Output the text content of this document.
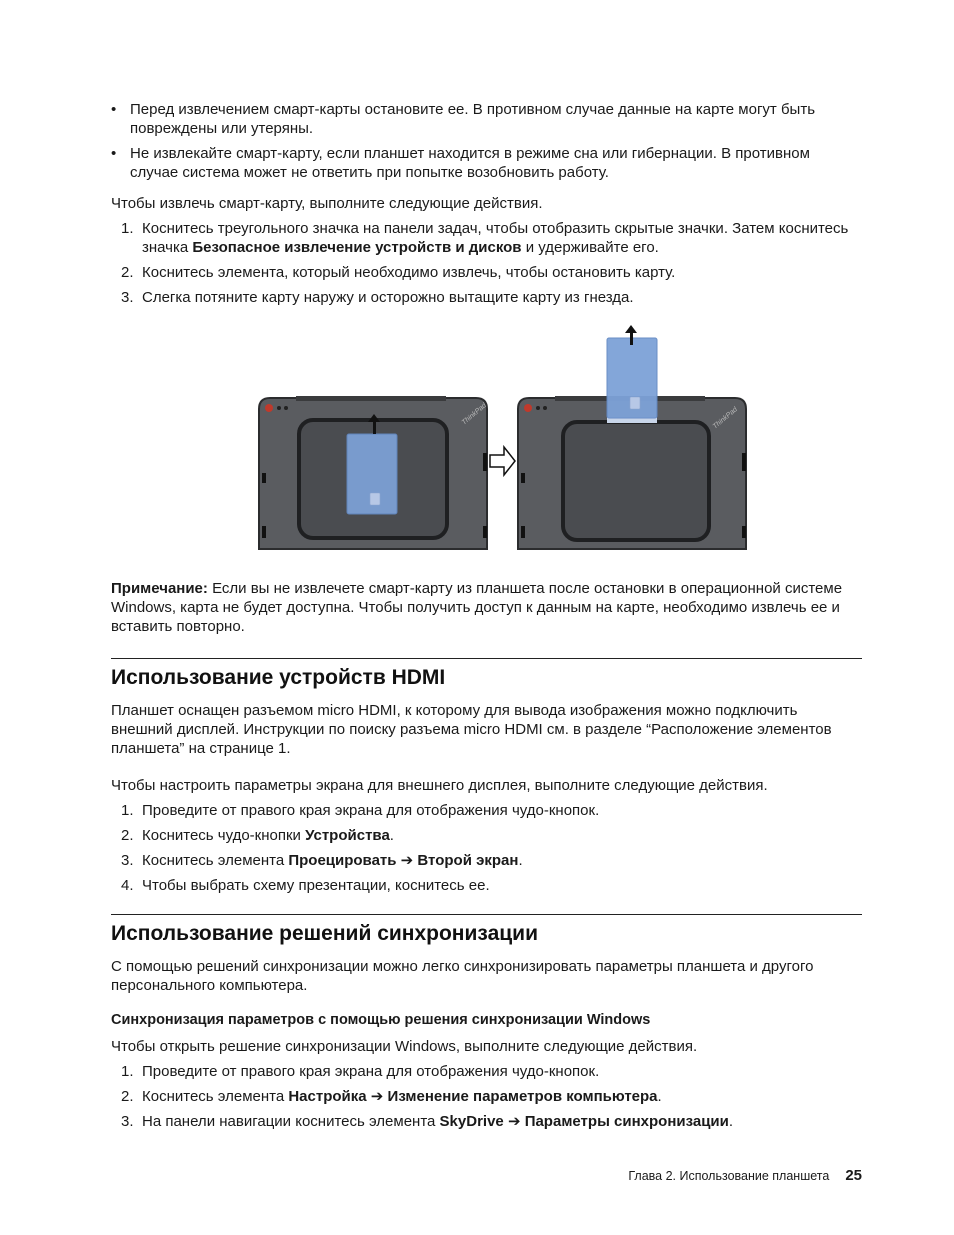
• Перед извлечением смарт-карты остановите ее. В противном случае данные на карте могут быть повреждены или утеряны.
• Не извлекайте смарт-карту, если планшет находится в режиме сна или гибернации. В противном случае система может не ответить при попытке возобновить работу.

Чтобы извлечь смарт-карту, выполните следующие действия.

1. Коснитесь треугольного значка на панели задач, чтобы отобразить скрытые значки. Затем коснитесь значка Безопасное извлечение устройств и дисков и удерживайте его.
2. Коснитесь элемента, который необходимо извлечь, чтобы остановить карту.
3. Слегка потяните карту наружу и осторожно вытащите карту из гнезда.
ThinkPad	ThinkPad

Примечание: Если вы не извлечете смарт-карту из планшета после остановки в операционной системе Windows, карта не будет доступна. Чтобы получить доступ к данным на карте, необходимо извлечь ее и вставить повторно.

Использование устройств HDMI

Планшет оснащен разъемом micro HDMI, к которому для вывода изображения можно подключить внешний дисплей. Инструкции по поиску разъема micro HDMI см. в разделе “Расположение элементов планшета” на странице 1.

Чтобы настроить параметры экрана для внешнего дисплея, выполните следующие действия.

1. Проведите от правого края экрана для отображения чудо-кнопок.
2. Коснитесь чудо-кнопки Устройства.
3. Коснитесь элемента Проецировать ➔ Второй экран.
4. Чтобы выбрать схему презентации, коснитесь ее.
Использование решений синхронизации

С помощью решений синхронизации можно легко синхронизировать параметры планшета и другого персонального компьютера.

Синхронизация параметров с помощью решения синхронизации Windows

Чтобы открыть решение синхронизации Windows, выполните следующие действия.

1. Проведите от правого края экрана для отображения чудо-кнопок.
2. Коснитесь элемента Настройка ➔ Изменение параметров компьютера.
3. На панели навигации коснитесь элемента SkyDrive ➔ Параметры синхронизации.
Глава 2. Использование планшета 25
